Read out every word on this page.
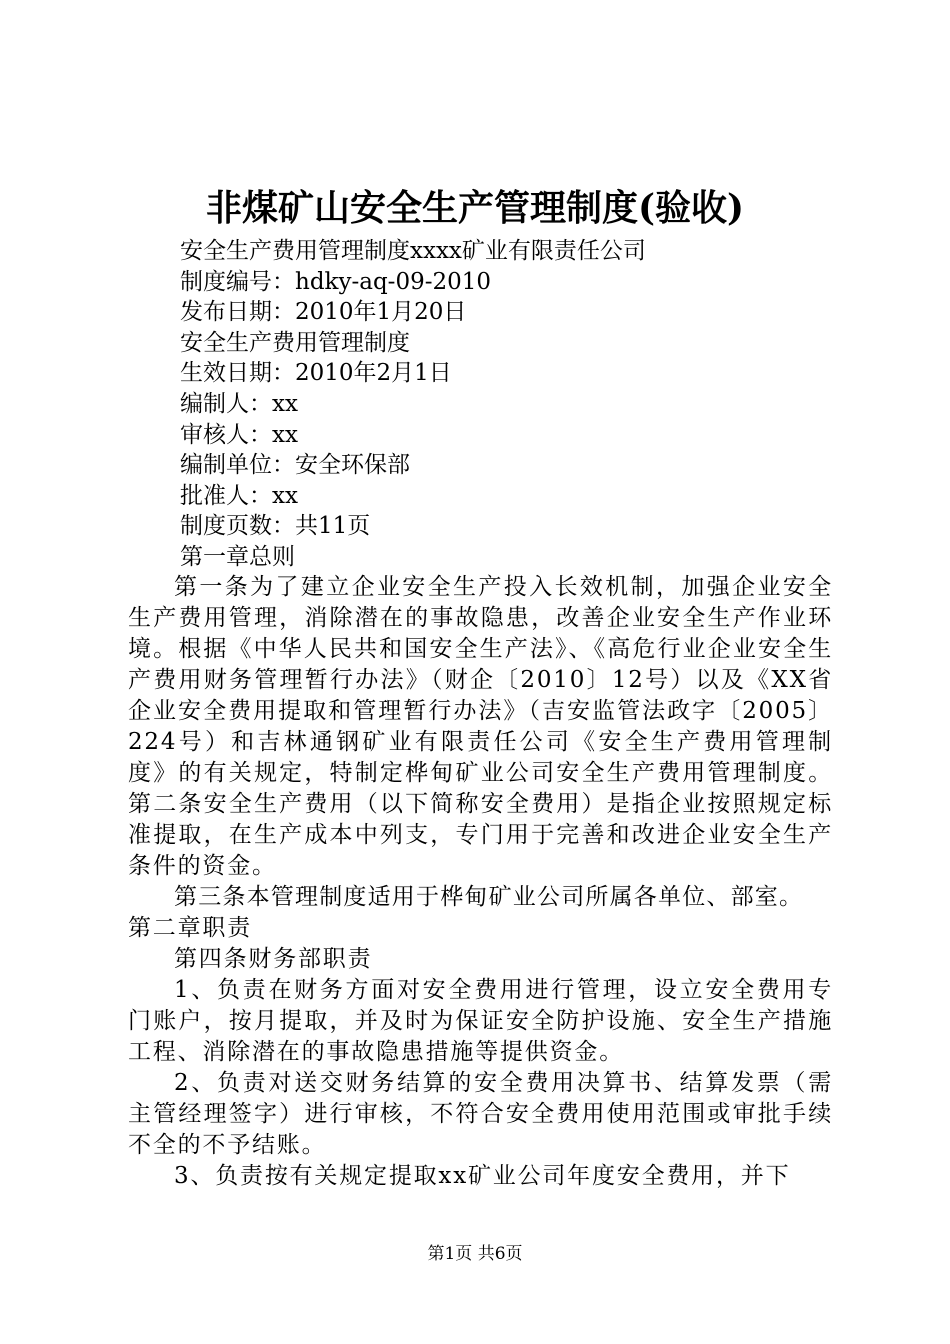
非煤矿山安全生产管理制度(验收)
安全生产费用管理制度xxxx矿业有限责任公司
制度编号：hdky-aq-09-2010
发布日期：2010年1月20日
安全生产费用管理制度
生效日期：2010年2月1日
编制人：xx
审核人：xx
编制单位：安全环保部
批准人：xx
制度页数：共11页
第一章总则

第一条为了建立企业安全生产投入长效机制，加强企业安全生产费用管理，消除潜在的事故隐患，改善企业安全生产作业环境。根据《中华人民共和国安全生产法》、《高危行业企业安全生产费用财务管理暂行办法》（财企〔2010〕12号）以及《XX省企业安全费用提取和管理暂行办法》（吉安监管法政字〔2005〕224号）和吉林通钢矿业有限责任公司《安全生产费用管理制度》的有关规定，特制定桦甸矿业公司安全生产费用管理制度。第二条安全生产费用（以下简称安全费用）是指企业按照规定标准提取，在生产成本中列支，专门用于完善和改进企业安全生产条件的资金。

第三条本管理制度适用于桦甸矿业公司所属各单位、部室。

第二章职责

第四条财务部职责

1、负责在财务方面对安全费用进行管理，设立安全费用专门账户，按月提取，并及时为保证安全防护设施、安全生产措施工程、消除潜在的事故隐患措施等提供资金。

2、负责对送交财务结算的安全费用决算书、结算发票（需主管经理签字）进行审核，不符合安全费用使用范围或审批手续不全的不予结账。

3、负责按有关规定提取xx矿业公司年度安全费用，并下

第1页 共6页
